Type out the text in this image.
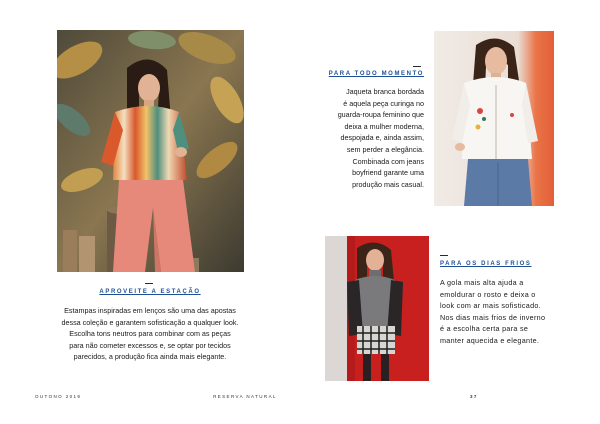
APROVEITE A ESTAÇÃO
Estampas inspiradas em lenços são uma das apostas
dessa coleção e garantem sofisticação a qualquer look.
Escolha tons neutros para combinar com as peças
para não cometer excessos e, se optar por tecidos
parecidos, a produção fica ainda mais elegante.
PARA TODO MOMENTO
Jaqueta branca bordada
é aquela peça curinga no
guarda-roupa feminino que
deixa a mulher moderna,
despojada e, ainda assim,
sem perder a elegância.
Combinada com jeans
boyfriend garante uma
produção mais casual.
PARA OS DIAS FRIOS
A gola mais alta ajuda a
emoldurar o rosto e deixa o
look com ar mais sofisticado.
Nos dias mais frios de inverno
é a escolha certa para se
manter aquecida e elegante.
OUTONO 2019	RESERVA NATURAL	37
